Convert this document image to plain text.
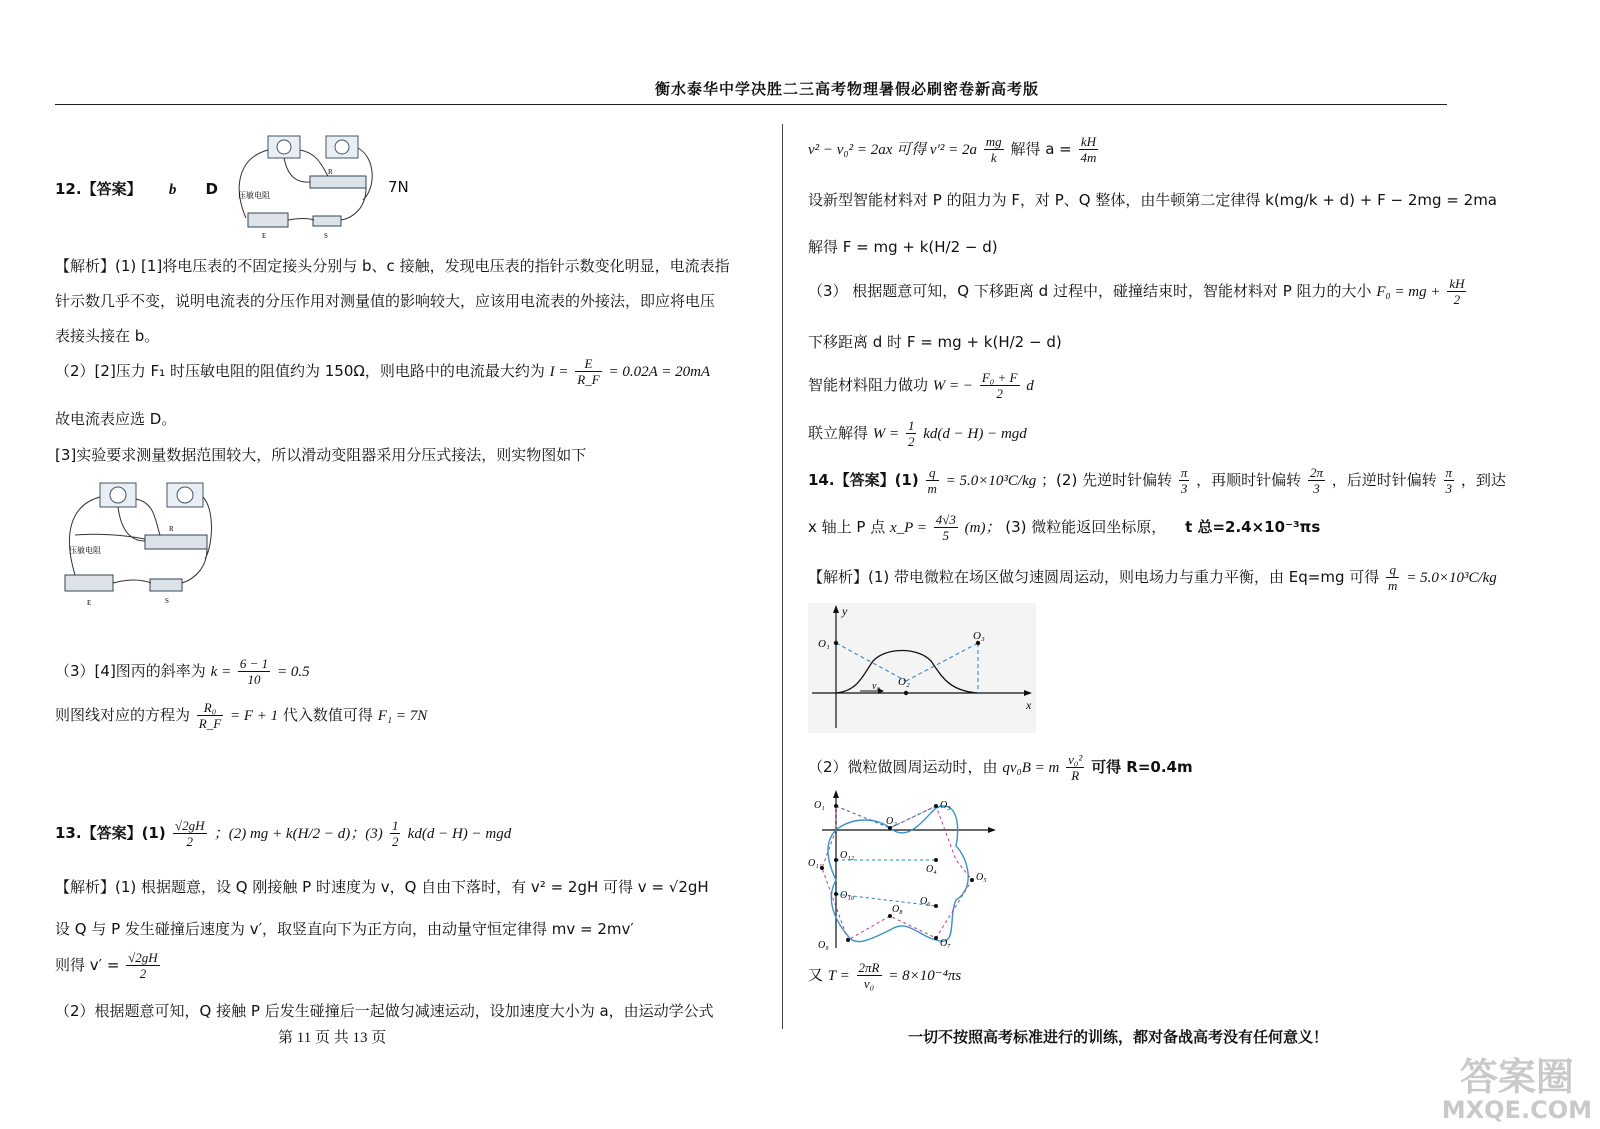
衡水泰华中学决胜二三高考物理暑假必刷密卷新高考版
12.【答案】 b D	7N
压敏电阻
R
E	S
【解析】(1) [1]将电压表的不固定接头分别与 b、c 接触，发现电压表的指针示数变化明显，电流表指
针示数几乎不变，说明电流表的分压作用对测量值的影响较大，应该用电流表的外接法，即应将电压
表接头接在 b。
（2）[2]压力 F₁ 时压敏电阻的阻值约为 150Ω，则电路中的电流最大约为 $I = \frac{E}{R\_F} = 0.02A = 20mA$
故电流表应选 D。
[3]实验要求测量数据范围较大，所以滑动变阻器采用分压式接法，则实物图如下
压敏电阻
R
E	S
（3）[4]图丙的斜率为 $k = \frac{6 - 1}{10} = 0.5$
则图线对应的方程为 $\frac{\text{R₀}}{R\_F} = F + 1$ 代入数值可得 F₁ = 7N
13.【答案】$(1) \frac{√2gH}{2}$ ；(2) mg + k(H/2 − d)；$(3) \frac{1}{2} kd(d - H)$ − mgd
【解析】(1) 根据题意，设 Q 刚接触 P 时速度为 v，Q 自由下落时，有 v² = 2gH 可得 v = √2gH
设 Q 与 P 发生碰撞后速度为 v′，取竖直向下为正方向，由动量守恒定律得 mv = 2mv′
则得 $v' = \frac{√2gH}{2}$
（2）根据题意可知，Q 接触 P 后发生碰撞后一起做匀减速运动，设加速度大小为 a，由运动学公式
v² − v₀² = 2ax 可得 $v'^2 = 2a \frac{mg}{k}$ 解得 $a = \frac{kH}{4m}$
设新型智能材料对 P 的阻力为 F，对 P、Q 整体，由牛顿第二定律得 k(mg/k + d) + F − 2mg = 2ma
解得 F = mg + k(H/2 − d)
（3） 根据题意可知，Q 下移距离 d 过程中，碰撞结束时，智能材料对 P 阻力的大小 F₀ = mg + $\frac{kH}{2}$
下移距离 d 时 F = mg + k(H/2 − d)
智能材料阻力做功 W = − $\frac{\text{F₀ + F}}{2}$ d
联立解得 $W = \frac{1}{2} kd(d - H)$ − mgd
14.【答案】$(1) \frac{q}{m} = 5.0\times 10^3C/kg$ ；(2) 先逆时针偏转 $\frac{\pi}{3}$ ，再顺时针偏转 $\frac{2\pi}{3}$ ，后逆时针偏转 $\frac{\pi}{3}$ ，到达
x 轴上 P 点 x_P = $\frac{4√3}{5} (m)$； (3) 微粒能返回坐标原， t 总=2.4×10⁻³πs
【解析】(1) 带电微粒在场区做匀速圆周运动，则电场力与重力平衡，由 Eq=mg 可得 $\frac{q}{m} = 5.0\times 10^3C/kg$
y
x
O₁
O₂
O₃
v₀
（2）微粒做圆周运动时，由 qv₀B = m $\frac{\text{v₀²}}{R}$ 可得 R=0.4m
O₁
O₂
O₃
O₄
O₅
O₆
O₇
O₈
O₉
O₁₀
O₁₁
O₁₂
又 $T = \frac{2\pi R}{\text{v₀}} = 8\times 10^{-4}\pi s$
第 11 页 共 13 页	一切不按照高考标准进行的训练，都对备战高考没有任何意义！
答案圈
MXQE.COM
